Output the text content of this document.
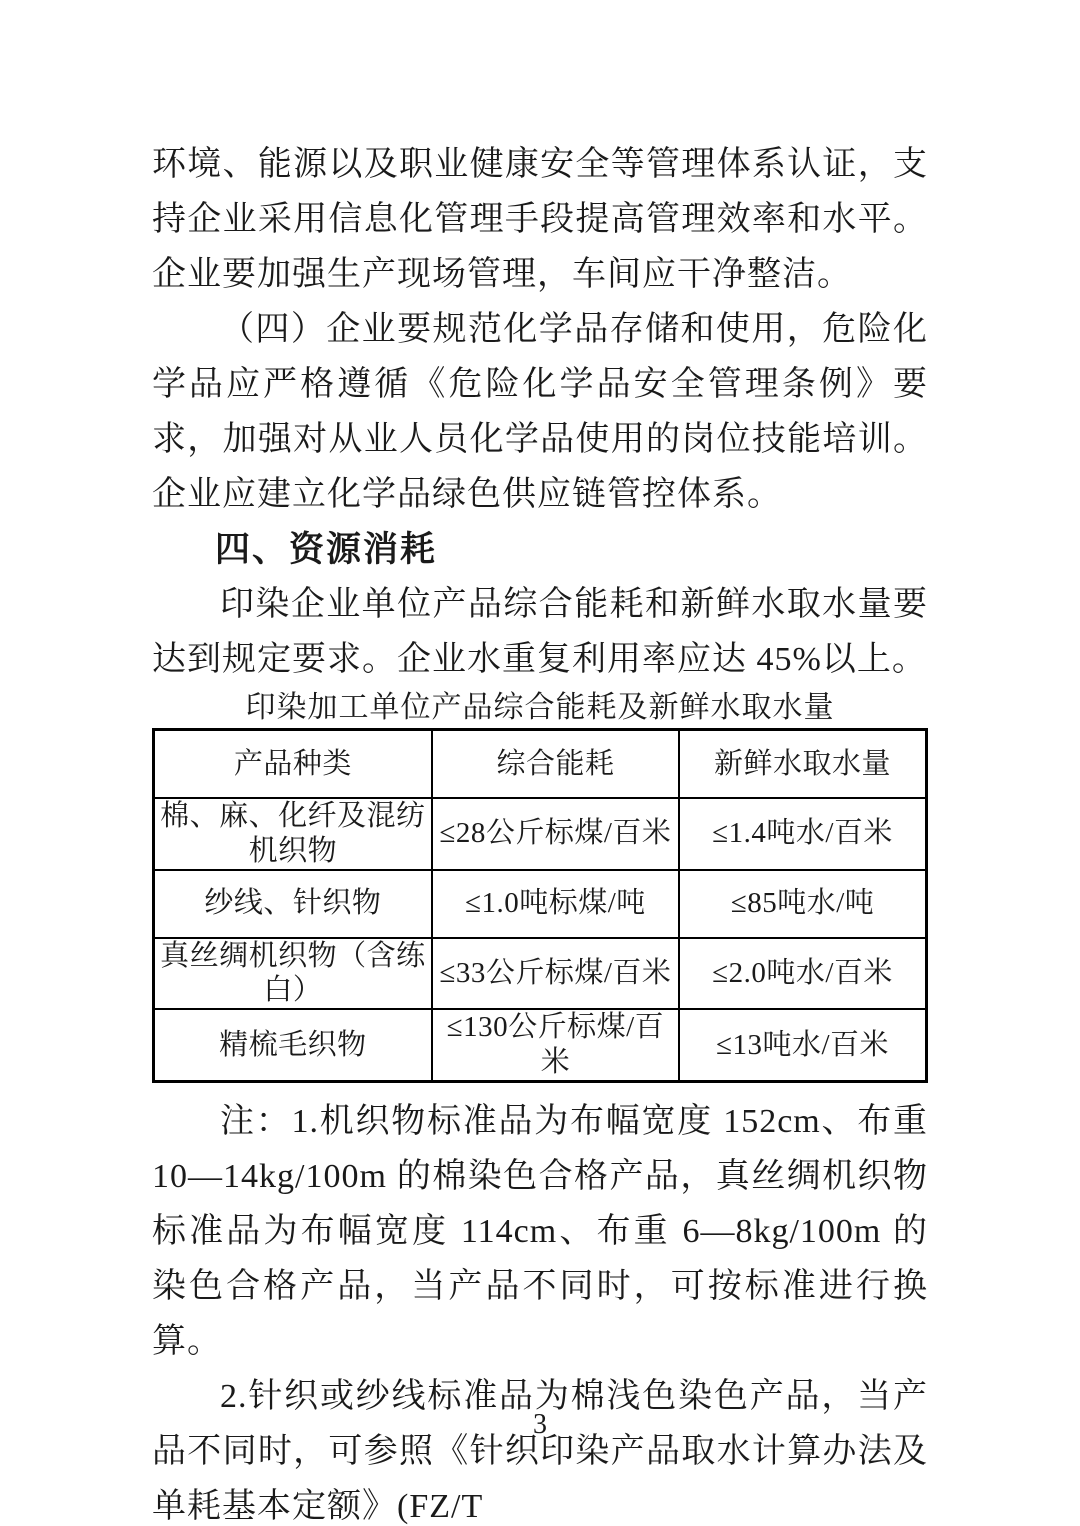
环境、能源以及职业健康安全等管理体系认证，支持企业采用信息化管理手段提高管理效率和水平。企业要加强生产现场管理，车间应干净整洁。

（四）企业要规范化学品存储和使用，危险化学品应严格遵循《危险化学品安全管理条例》要求，加强对从业人员化学品使用的岗位技能培训。企业应建立化学品绿色供应链管控体系。

四、资源消耗

印染企业单位产品综合能耗和新鲜水取水量要达到规定要求。企业水重复利用率应达 45%以上。

印染加工单位产品综合能耗及新鲜水取水量

产品种类	综合能耗	新鲜水取水量
棉、麻、化纤及混纺机织物	≤28公斤标煤/百米	≤1.4吨水/百米
纱线、针织物	≤1.0吨标煤/吨	≤85吨水/吨
真丝绸机织物（含练白）	≤33公斤标煤/百米	≤2.0吨水/百米
精梳毛织物	≤130公斤标煤/百米	≤13吨水/百米

注：1.机织物标准品为布幅宽度 152cm、布重 10—14kg/100m 的棉染色合格产品，真丝绸机织物标准品为布幅宽度 114cm、布重 6—8kg/100m 的染色合格产品，当产品不同时，可按标准进行换算。

2.针织或纱线标准品为棉浅色染色产品，当产品不同时，可参照《针织印染产品取水计算办法及单耗基本定额》(FZ/T

3
